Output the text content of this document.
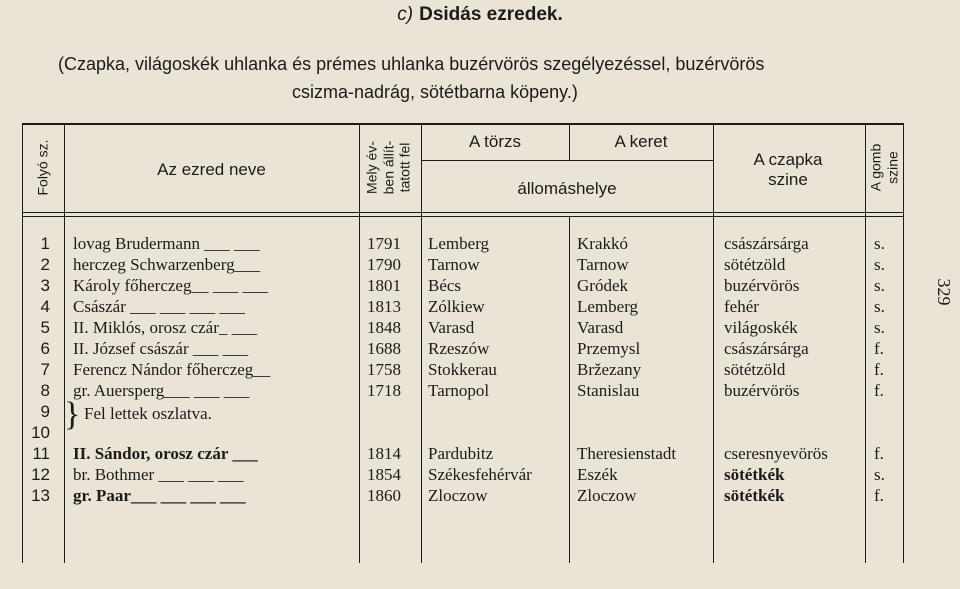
c) Dsidás ezredek.
(Czapka, világoskék uhlanka és prémes uhlanka buzérvörös szegélyezéssel, buzérvörös
csizma-nadrág, sötétbarna köpeny.)
Folyó sz.	Az ezred neve	Mely év- ben állít- tatott fel
A törzs	A keret
állomáshelye
A czapka szine	A gomb szine
1 lovag Brudermann ___ ___	1791 Lemberg	Krakkó	császársárga	s.
2 herczeg Schwarzenberg___	1790 Tarnow	Tarnow	sötétzöld	s.
3 Károly főherczeg__ ___ ___	1801 Bécs	Gródek	buzérvörös	s.
4 Császár ___ ___ ___ ___	1813 Zólkiew	Lemberg	fehér	s.
5 II. Miklós, orosz czár_ ___	1848 Varasd	Varasd	világoskék	s.
6 II. József császár ___ ___	1688 Rzeszów	Przemysl	császársárga	f.
7 Ferencz Nándor főherczeg__	1758 Stokkerau	Bržezany	sötétzöld	f.
8 gr. Auersperg___ ___ ___	1718 Tarnopol	Stanislau	buzérvörös	f.
9
10
11 II. Sándor, orosz czár ___	1814 Pardubitz	Theresienstadt	cseresnyevörös	f.
12 br. Bothmer ___ ___ ___	1854 Székesfehérvár	Eszék	sötétkék	s.
13 gr. Paar___ ___ ___ ___	1860 Zloczow	Zloczow	sötétkék	f.
} Fel lettek oszlatva.
329
